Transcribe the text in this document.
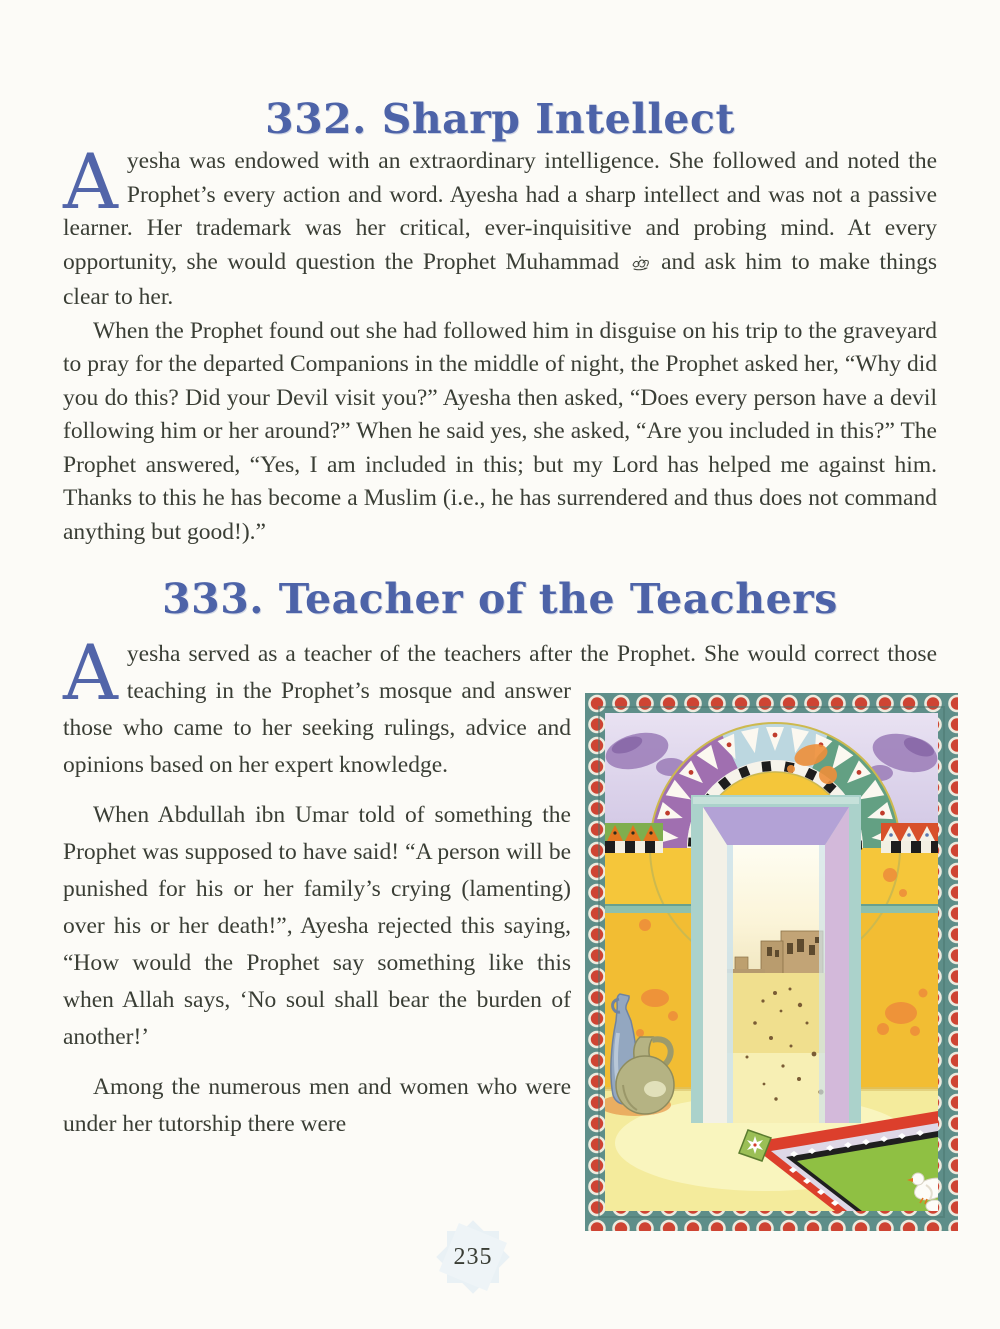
332. Sharp Intellect

Ayesha was endowed with an extraordinary intelligence. She followed and noted the Prophet’s every action and word. Ayesha had a sharp intellect and was not a passive learner. Her trademark was her critical, ever-inquisitive and probing mind. At every opportunity, she would question the Prophet Muhammad and ask him to make things clear to her.

When the Prophet found out she had followed him in disguise on his trip to the graveyard to pray for the departed Companions in the middle of night, the Prophet asked her, “Why did you do this? Did your Devil visit you?” Ayesha then asked, “Does every person have a devil following him or her around?” When he said yes, she asked, “Are you included in this?” The Prophet answered, “Yes, I am included in this; but my Lord has helped me against him. Thanks to this he has become a Muslim (i.e., he has surrendered and thus does not command anything but good!).”

333. Teacher of the Teachers

Ayesha served as a teacher of the teachers after the Prophet. She would correct those teaching in the Prophet’s mosque and answer those who came to her seeking rulings, advice and opinions based on her expert knowledge.

When Abdullah ibn Umar told of something the Prophet was supposed to have said! “A person will be punished for his or her family’s crying (lamenting) over his or her death!”, Ayesha rejected this saying, “How would the Prophet say something like this when Allah says, ‘No soul shall bear the burden of another!’

Among the numerous men and women who were under her tutorship there were

235
